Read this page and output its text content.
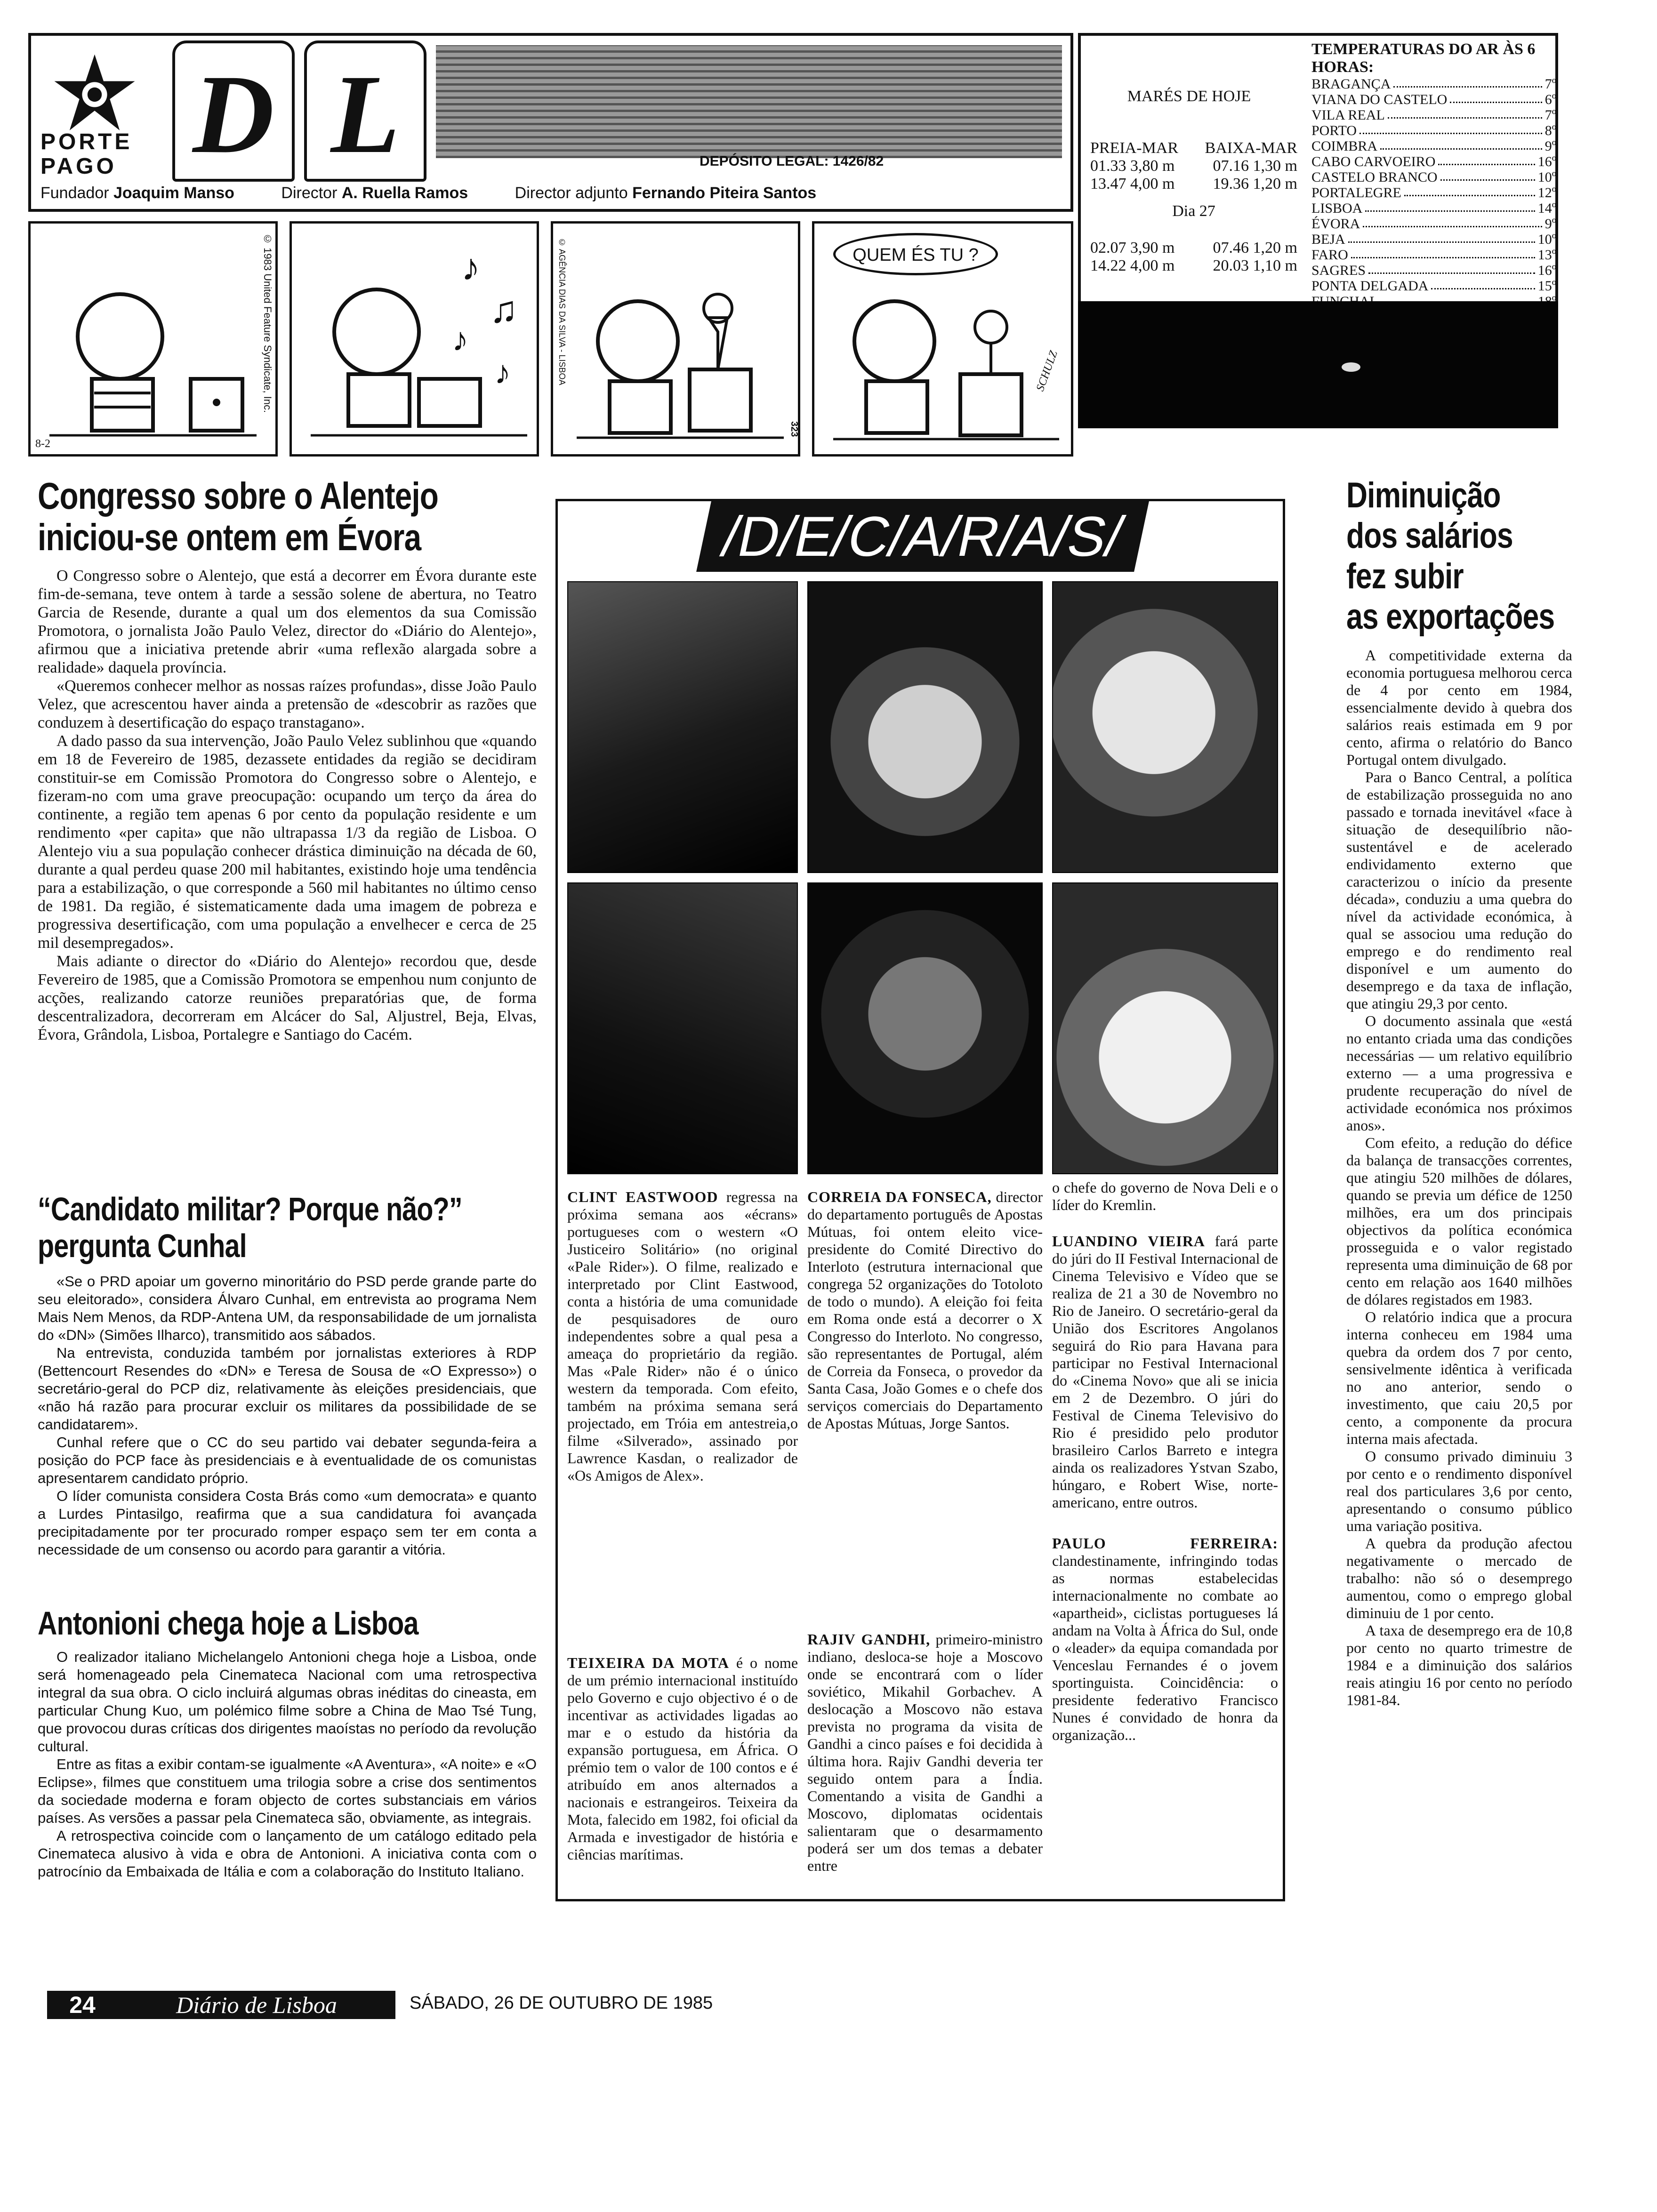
PORTE PAGO D L	DEPÓSITO LEGAL: 1426/82
Fundador Joaquim Manso	Director A. Ruella Ramos	Director adjunto Fernando Piteira Santos
MARÉS DE HOJE
PREIA-MAR BAIXA-MAR
01.33 3,80 m 07.16 1,30 m
13.47 4,00 m 19.36 1,20 m
Dia 27
02.07 3,90 m 07.46 1,20 m
14.22 4,00 m 20.03 1,10 m
TEMPERATURAS DO AR ÀS 6 HORAS:
BRAGANÇA	7º
VIANA DO CASTELO	6º
VILA REAL	7º
PORTO	8º
COIMBRA	9º
CABO CARVOEIRO	16º
CASTELO BRANCO	10º
PORTALEGRE	12º
LISBOA	14º
ÉVORA	9º
BEJA	10º
FARO	13º
SAGRES	16º
PONTA DELGADA	15º
8-2
© 1983 United Feature Syndicate, Inc.	♪
♫
♪
♪	© AGÊNCIA DIAS DA SILVA - LISBOA
323
QUEM ÉS TU ?
SCHULZ
Congresso sobre o Alentejo
iniciou-se ontem em Évora

O Congresso sobre o Alentejo, que está a decorrer em Évora durante este fim-de-semana, teve ontem à tarde a sessão solene de abertura, no Teatro Garcia de Resende, durante a qual um dos elementos da sua Comissão Promotora, o jornalista João Paulo Velez, director do «Diário do Alentejo», afirmou que a iniciativa pretende abrir «uma reflexão alargada sobre a realidade» daquela província.

«Queremos conhecer melhor as nossas raízes profundas», disse João Paulo Velez, que acrescentou haver ainda a pretensão de «descobrir as razões que conduzem à desertificação do espaço transtagano».

A dado passo da sua intervenção, João Paulo Velez sublinhou que «quando em 18 de Fevereiro de 1985, dezassete entidades da região se decidiram constituir-se em Comissão Promotora do Congresso sobre o Alentejo, e fizeram-no com uma grave preocupação: ocupando um terço da área do continente, a região tem apenas 6 por cento da população residente e um rendimento «per capita» que não ultrapassa 1/3 da região de Lisboa. O Alentejo viu a sua população conhecer drástica diminuição na década de 60, durante a qual perdeu quase 200 mil habitantes, existindo hoje uma tendência para a estabilização, o que corresponde a 560 mil habitantes no último censo de 1981. Da região, é sistematicamente dada uma imagem de pobreza e progressiva desertificação, com uma população a envelhecer e cerca de 25 mil desempregados».

Mais adiante o director do «Diário do Alentejo» recordou que, desde Fevereiro de 1985, que a Comissão Promotora se empenhou num conjunto de acções, realizando catorze reuniões preparatórias que, de forma descentralizadora, decorreram em Alcácer do Sal, Aljustrel, Beja, Elvas, Évora, Grândola, Lisboa, Portalegre e Santiago do Cacém.

“Candidato militar? Porque não?”
pergunta Cunhal

«Se o PRD apoiar um governo minoritário do PSD perde grande parte do seu eleitorado», considera Álvaro Cunhal, em entrevista ao programa Nem Mais Nem Menos, da RDP-Antena UM, da responsabilidade de um jornalista do «DN» (Simões Ilharco), transmitido aos sábados.

Na entrevista, conduzida também por jornalistas exteriores à RDP (Bettencourt Resendes do «DN» e Teresa de Sousa de «O Expresso») o secretário-geral do PCP diz, relativamente às eleições presidenciais, que «não há razão para procurar excluir os militares da possibilidade de se candidatarem».

Cunhal refere que o CC do seu partido vai debater segunda-feira a posição do PCP face às presidenciais e à eventualidade de os comunistas apresentarem candidato próprio.

O líder comunista considera Costa Brás como «um democrata» e quanto a Lurdes Pintasilgo, reafirma que a sua candidatura foi avançada precipitadamente por ter procurado romper espaço sem ter em conta a necessidade de um consenso ou acordo para garantir a vitória.

Antonioni chega hoje a Lisboa

O realizador italiano Michelangelo Antonioni chega hoje a Lisboa, onde será homenageado pela Cinemateca Nacional com uma retrospectiva integral da sua obra. O ciclo incluirá algumas obras inéditas do cineasta, em particular Chung Kuo, um polémico filme sobre a China de Mao Tsé Tung, que provocou duras críticas dos dirigentes maoístas no período da revolução cultural.

Entre as fitas a exibir contam-se igualmente «A Aventura», «A noite» e «O Eclipse», filmes que constituem uma trilogia sobre a crise dos sentimentos da sociedade moderna e foram objecto de cortes substanciais em vários países. As versões a passar pela Cinemateca são, obviamente, as integrais.

A retrospectiva coincide com o lançamento de um catálogo editado pela Cinemateca alusivo à vida e obra de Antonioni. A iniciativa conta com o patrocínio da Embaixada de Itália e com a colaboração do Instituto Italiano.

/D/E/C/A/R/A/S/
CLINT EASTWOOD regressa na próxima semana aos «écrans» portugueses com o western «O Justiceiro Solitário» (no original «Pale Rider»). O filme, realizado e interpretado por Clint Eastwood, conta a história de uma comunidade de pesquisadores de ouro independentes sobre a qual pesa a ameaça do proprietário da região. Mas «Pale Rider» não é o único western da temporada. Com efeito, também na próxima semana será projectado, em Tróia em antestreia,o filme «Silverado», assinado por Lawrence Kasdan, o realizador de «Os Amigos de Alex».
TEIXEIRA DA MOTA é o nome de um prémio internacional instituído pelo Governo e cujo objectivo é o de incentivar as actividades ligadas ao mar e o estudo da história da expansão portuguesa, em África. O prémio tem o valor de 100 contos e é atribuído em anos alternados a nacionais e estrangeiros. Teixeira da Mota, falecido em 1982, foi oficial da Armada e investigador de história e ciências marítimas.
CORREIA DA FONSECA, director do departamento português de Apostas Mútuas, foi ontem eleito vice-presidente do Comité Directivo do Interloto (estrutura internacional que congrega 52 organizações do Totoloto de todo o mundo). A eleição foi feita em Roma onde está a decorrer o X Congresso do Interloto. No congresso, são representantes de Portugal, além de Correia da Fonseca, o provedor da Santa Casa, João Gomes e o chefe dos serviços comerciais do Departamento de Apostas Mútuas, Jorge Santos.
RAJIV GANDHI, primeiro-ministro indiano, desloca-se hoje a Moscovo onde se encontrará com o líder soviético, Mikahil Gorbachev. A deslocação a Moscovo não estava prevista no programa da visita de Gandhi a cinco países e foi decidida à última hora. Rajiv Gandhi deveria ter seguido ontem para a Índia. Comentando a visita de Gandhi a Moscovo, diplomatas ocidentais salientaram que o desarmamento poderá ser um dos temas a debater entre
o chefe do governo de Nova Deli e o líder do Kremlin.
LUANDINO VIEIRA fará parte do júri do II Festival Internacional de Cinema Televisivo e Vídeo que se realiza de 21 a 30 de Novembro no Rio de Janeiro. O secretário-geral da União dos Escritores Angolanos seguirá do Rio para Havana para participar no Festival Internacional do «Cinema Novo» que ali se inicia em 2 de Dezembro. O júri do Festival de Cinema Televisivo do Rio é presidido pelo produtor brasileiro Carlos Barreto e integra ainda os realizadores Ystvan Szabo, húngaro, e Robert Wise, norte-americano, entre outros.
PAULO FERREIRA: clandestinamente, infringindo todas as normas estabelecidas internacionalmente no combate ao «apartheid», ciclistas portugueses lá andam na Volta à África do Sul, onde o «leader» da equipa comandada por Venceslau Fernandes é o jovem sportinguista. Coincidência: o presidente federativo Francisco Nunes é convidado de honra da organização...
Diminuição
dos salários
fez subir
as exportações

A competitividade externa da economia portuguesa melhorou cerca de 4 por cento em 1984, essencialmente devido à quebra dos salários reais estimada em 9 por cento, afirma o relatório do Banco Portugal ontem divulgado.

Para o Banco Central, a política de estabilização prosseguida no ano passado e tornada inevitável «face à situação de desequilíbrio não-sustentável e de acelerado endividamento externo que caracterizou o início da presente década», conduziu a uma quebra do nível da actividade económica, à qual se associou uma redução do emprego e do rendimento real disponível e um aumento do desemprego e da taxa de inflação, que atingiu 29,3 por cento.

O documento assinala que «está no entanto criada uma das condições necessárias — um relativo equilíbrio externo — a uma progressiva e prudente recuperação do nível de actividade económica nos próximos anos».

Com efeito, a redução do défice da balança de transacções correntes, que atingiu 520 milhões de dólares, quando se previa um défice de 1250 milhões, era um dos principais objectivos da política económica prosseguida e o valor registado representa uma diminuição de 68 por cento em relação aos 1640 milhões de dólares registados em 1983.

O relatório indica que a procura interna conheceu em 1984 uma quebra da ordem dos 7 por cento, sensivelmente idêntica à verificada no ano anterior, sendo o investimento, que caiu 20,5 por cento, a componente da procura interna mais afectada.

O consumo privado diminuiu 3 por cento e o rendimento disponível real dos particulares 3,6 por cento, apresentando o consumo público uma variação positiva.

A quebra da produção afectou negativamente o mercado de trabalho: não só o desemprego aumentou, como o emprego global diminuiu de 1 por cento.

A taxa de desemprego era de 10,8 por cento no quarto trimestre de 1984 e a diminuição dos salários reais atingiu 16 por cento no período 1981-84.

24	Diário de Lisboa	SÁBADO, 26 DE OUTUBRO DE 1985
